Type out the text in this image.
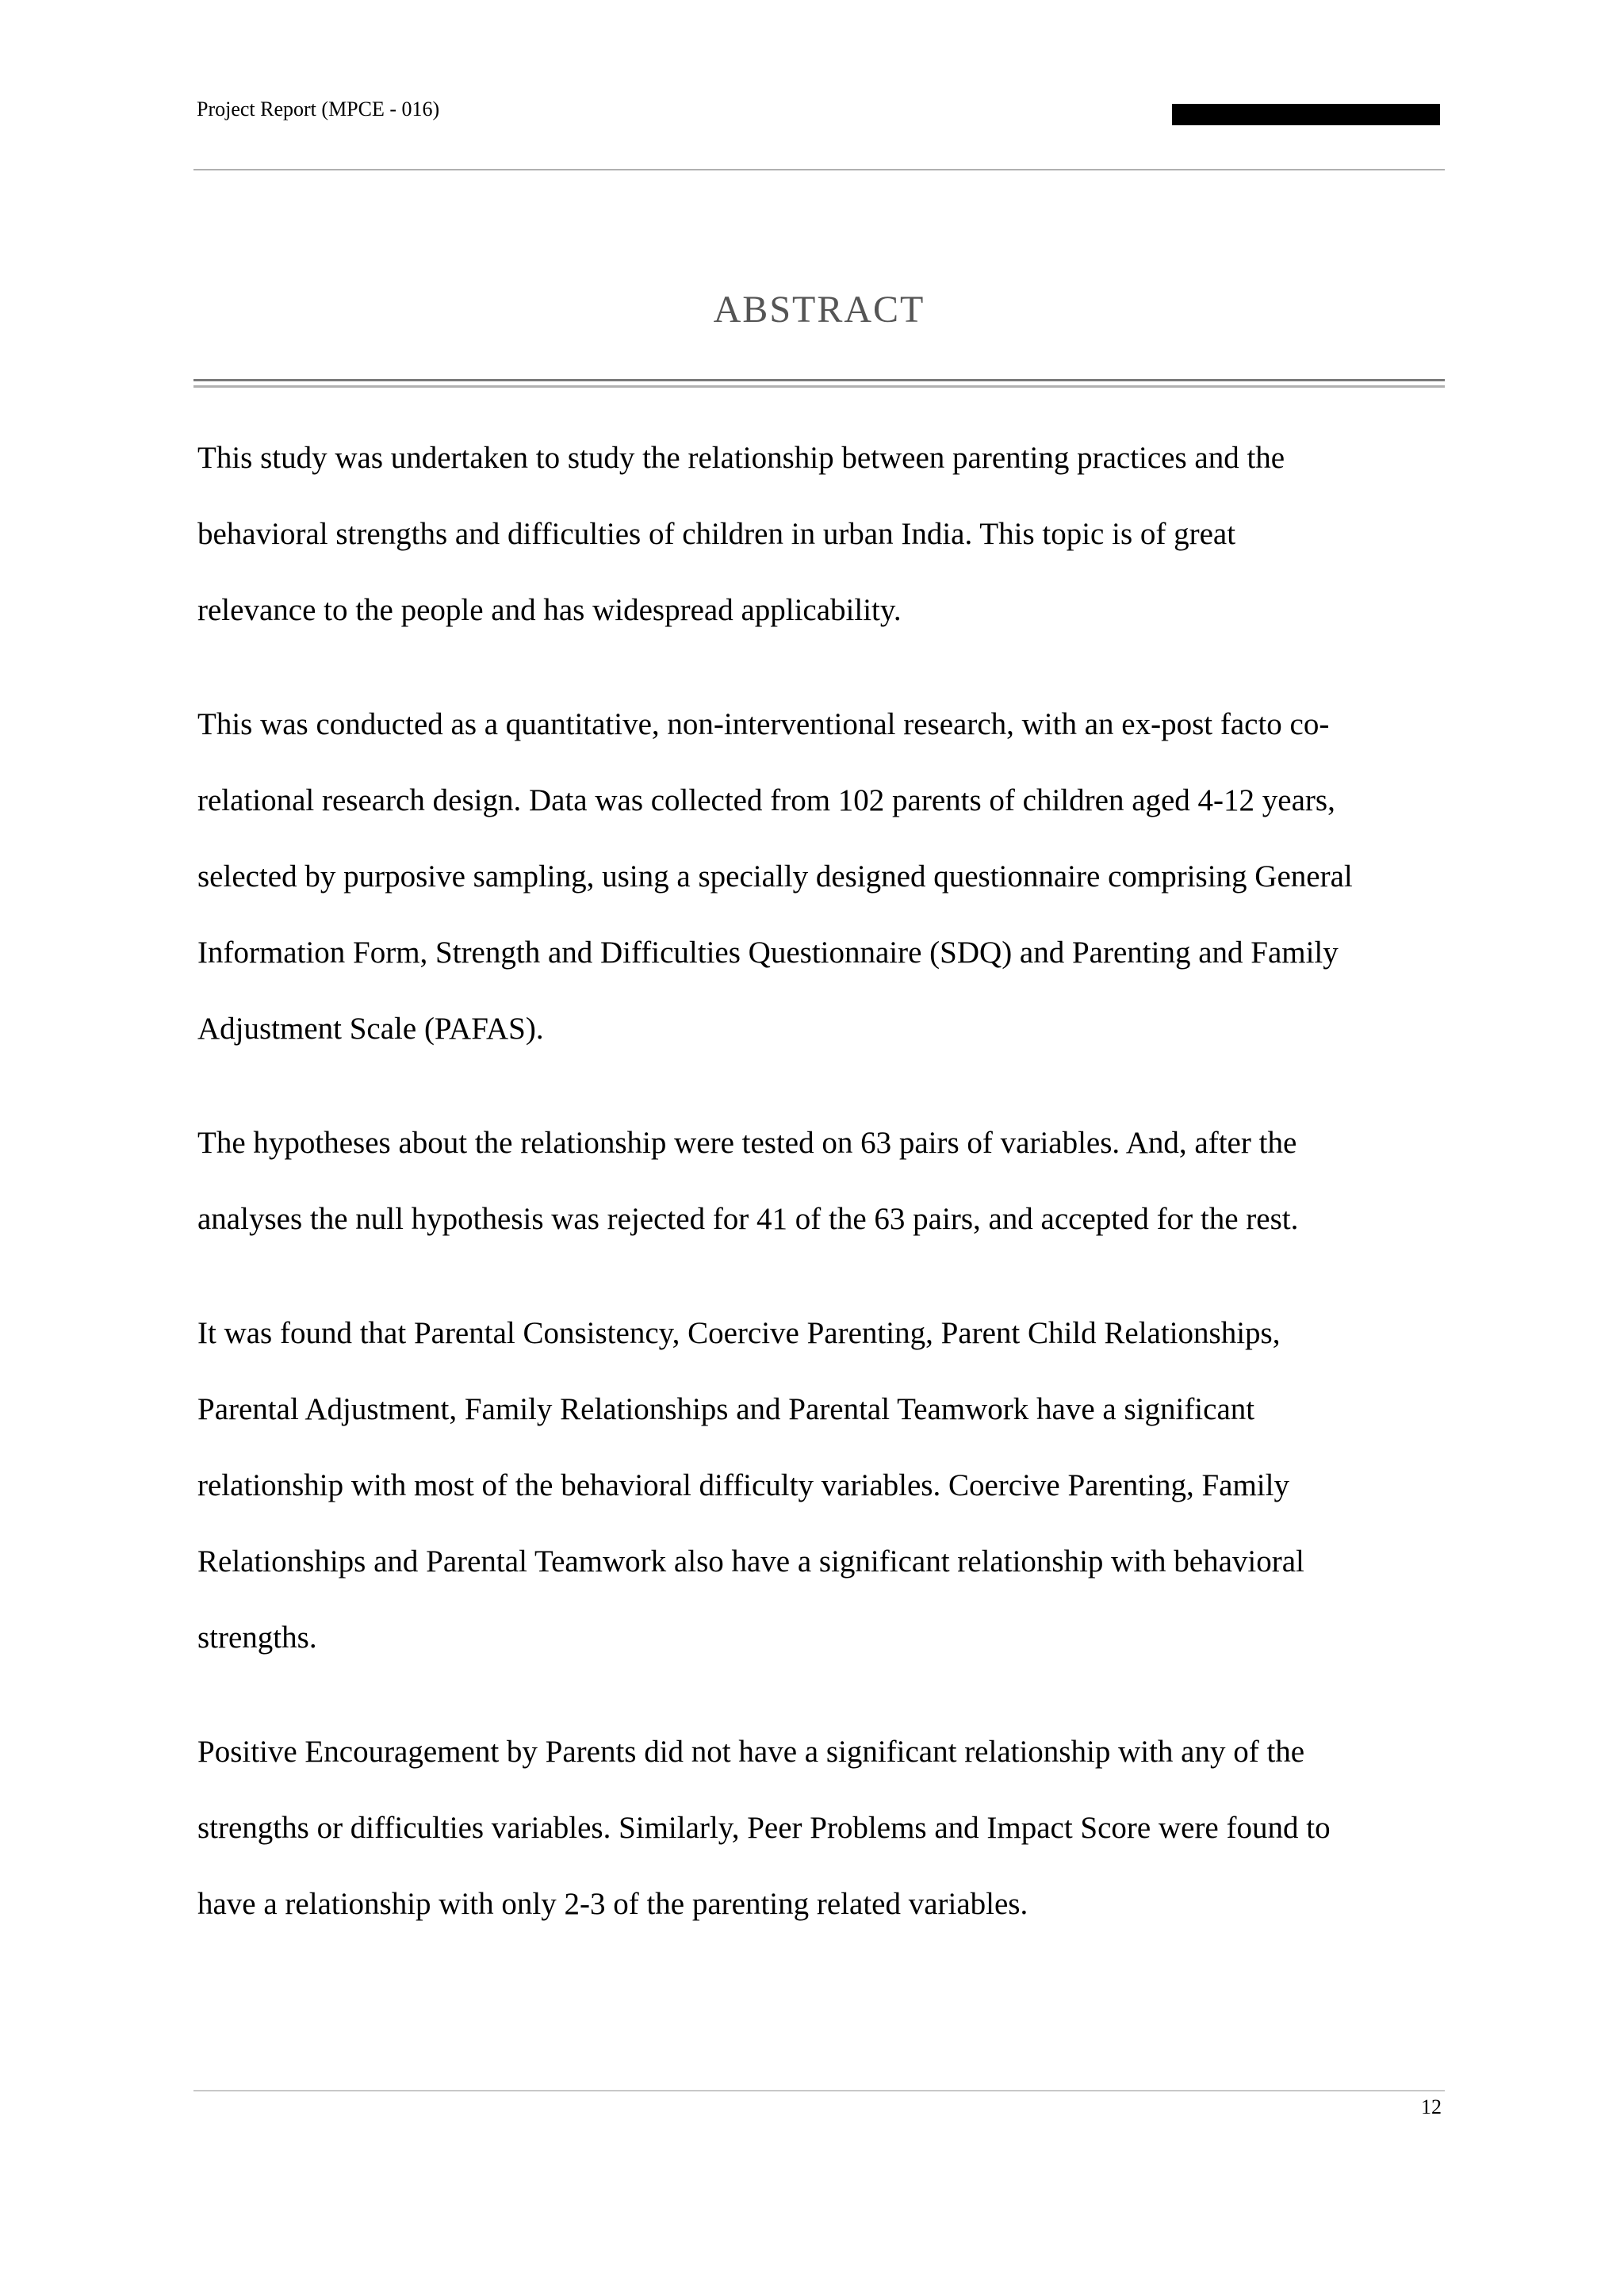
Project Report (MPCE - 016)
ABSTRACT

This study was undertaken to study the relationship between parenting practices and the
behavioral strengths and difficulties of children in urban India. This topic is of great
relevance to the people and has widespread applicability.

This was conducted as a quantitative, non-interventional research, with an ex-post facto co-
relational research design. Data was collected from 102 parents of children aged 4-12 years,
selected by purposive sampling, using a specially designed questionnaire comprising General
Information Form, Strength and Difficulties Questionnaire (SDQ) and Parenting and Family
Adjustment Scale (PAFAS).

The hypotheses about the relationship were tested on 63 pairs of variables. And, after the
analyses the null hypothesis was rejected for 41 of the 63 pairs, and accepted for the rest.

It was found that Parental Consistency, Coercive Parenting, Parent Child Relationships,
Parental Adjustment, Family Relationships and Parental Teamwork have a significant
relationship with most of the behavioral difficulty variables. Coercive Parenting, Family
Relationships and Parental Teamwork also have a significant relationship with behavioral
strengths.

Positive Encouragement by Parents did not have a significant relationship with any of the
strengths or difficulties variables. Similarly, Peer Problems and Impact Score were found to
have a relationship with only 2-3 of the parenting related variables.

12
